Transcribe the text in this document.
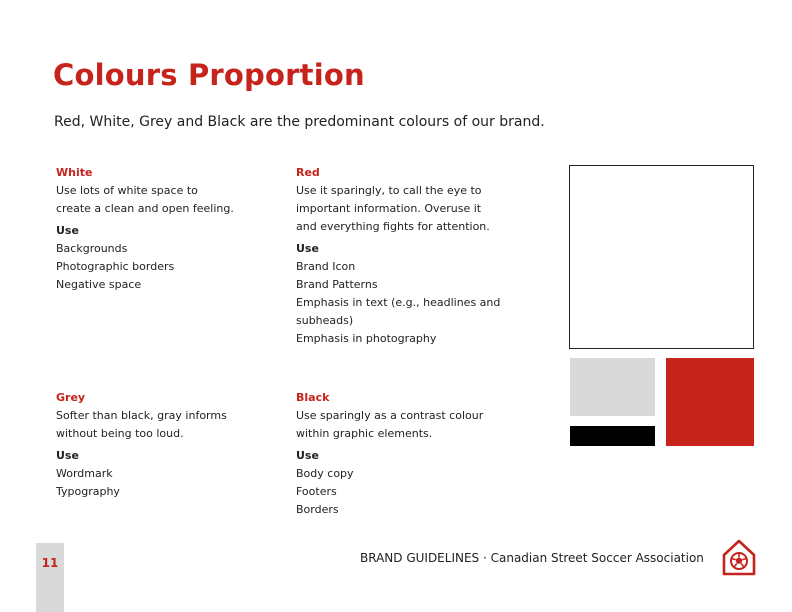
Colours Proportion

Red, White, Grey and Black are the predominant colours of our brand.

White
Use lots of white space to
create a clean and open feeling.
Use
Backgrounds
Photographic borders
Negative space
Red
Use it sparingly, to call the eye to
important information. Overuse it
and everything fights for attention.
Use
Brand Icon
Brand Patterns
Emphasis in text (e.g., headlines and
subheads)
Emphasis in photography
Grey
Softer than black, gray informs
without being too loud.
Use
Wordmark
Typography
Black
Use sparingly as a contrast colour
within graphic elements.
Use
Body copy
Footers
Borders
11	BRAND GUIDELINES · Canadian Street Soccer Association
